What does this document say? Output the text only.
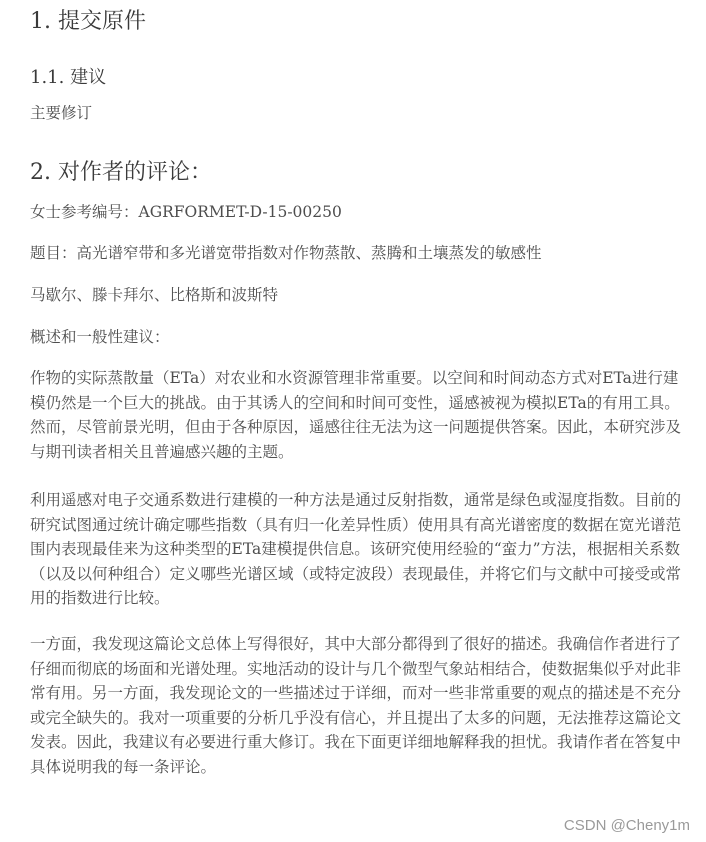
1. 提交原件
1.1. 建议

主要修订

2. 对作者的评论：

女士参考编号：AGRFORMET-D-15-00250

题目：高光谱窄带和多光谱宽带指数对作物蒸散、蒸腾和土壤蒸发的敏感性

马歇尔、滕卡拜尔、比格斯和波斯特

概述和一般性建议：

作物的实际蒸散量（ETa）对农业和水资源管理非常重要。以空间和时间动态方式对ETa进行建模仍然是一个巨大的挑战。由于其诱人的空间和时间可变性，遥感被视为模拟ETa的有用工具。然而，尽管前景光明，但由于各种原因，遥感往往无法为这一问题提供答案。因此，本研究涉及与期刊读者相关且普遍感兴趣的主题。

利用遥感对电子交通系数进行建模的一种方法是通过反射指数，通常是绿色或湿度指数。目前的研究试图通过统计确定哪些指数（具有归一化差异性质）使用具有高光谱密度的数据在宽光谱范围内表现最佳来为这种类型的ETa建模提供信息。该研究使用经验的“蛮力”方法，根据相关系数（以及以何种组合）定义哪些光谱区域（或特定波段）表现最佳，并将它们与文献中可接受或常用的指数进行比较。

一方面，我发现这篇论文总体上写得很好，其中大部分都得到了很好的描述。我确信作者进行了仔细而彻底的场面和光谱处理。实地活动的设计与几个微型气象站相结合，使数据集似乎对此非常有用。另一方面，我发现论文的一些描述过于详细，而对一些非常重要的观点的描述是不充分或完全缺失的。我对一项重要的分析几乎没有信心，并且提出了太多的问题，无法推荐这篇论文发表。因此，我建议有必要进行重大修订。我在下面更详细地解释我的担忧。我请作者在答复中具体说明我的每一条评论。

CSDN @Cheny1m
